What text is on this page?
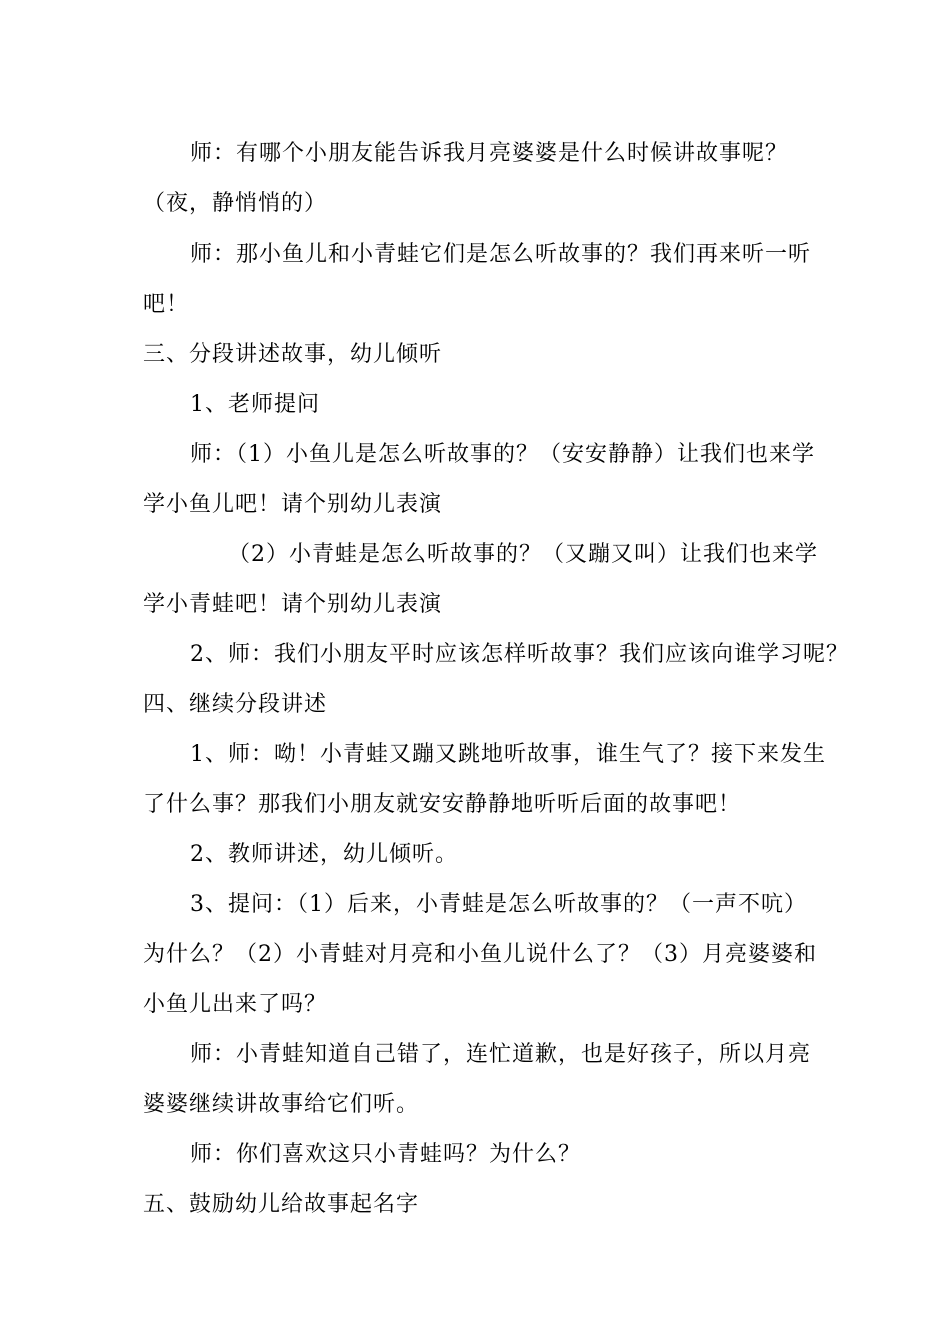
师：有哪个小朋友能告诉我月亮婆婆是什么时候讲故事呢？
（夜，静悄悄的）
师：那小鱼儿和小青蛙它们是怎么听故事的？我们再来听一听
吧！
三、分段讲述故事，幼儿倾听
1、老师提问
师：（1）小鱼儿是怎么听故事的？（安安静静）让我们也来学
学小鱼儿吧！请个别幼儿表演
（2）小青蛙是怎么听故事的？（又蹦又叫）让我们也来学
学小青蛙吧！请个别幼儿表演
2、师：我们小朋友平时应该怎样听故事？我们应该向谁学习呢？
四、继续分段讲述
1、师：呦！小青蛙又蹦又跳地听故事，谁生气了？接下来发生
了什么事？那我们小朋友就安安静静地听听后面的故事吧！
2、教师讲述，幼儿倾听。
3、提问：（1）后来，小青蛙是怎么听故事的？（一声不吭）
为什么？（2）小青蛙对月亮和小鱼儿说什么了？（3）月亮婆婆和
小鱼儿出来了吗？
师：小青蛙知道自己错了，连忙道歉，也是好孩子，所以月亮
婆婆继续讲故事给它们听。
师：你们喜欢这只小青蛙吗？为什么？
五、鼓励幼儿给故事起名字
